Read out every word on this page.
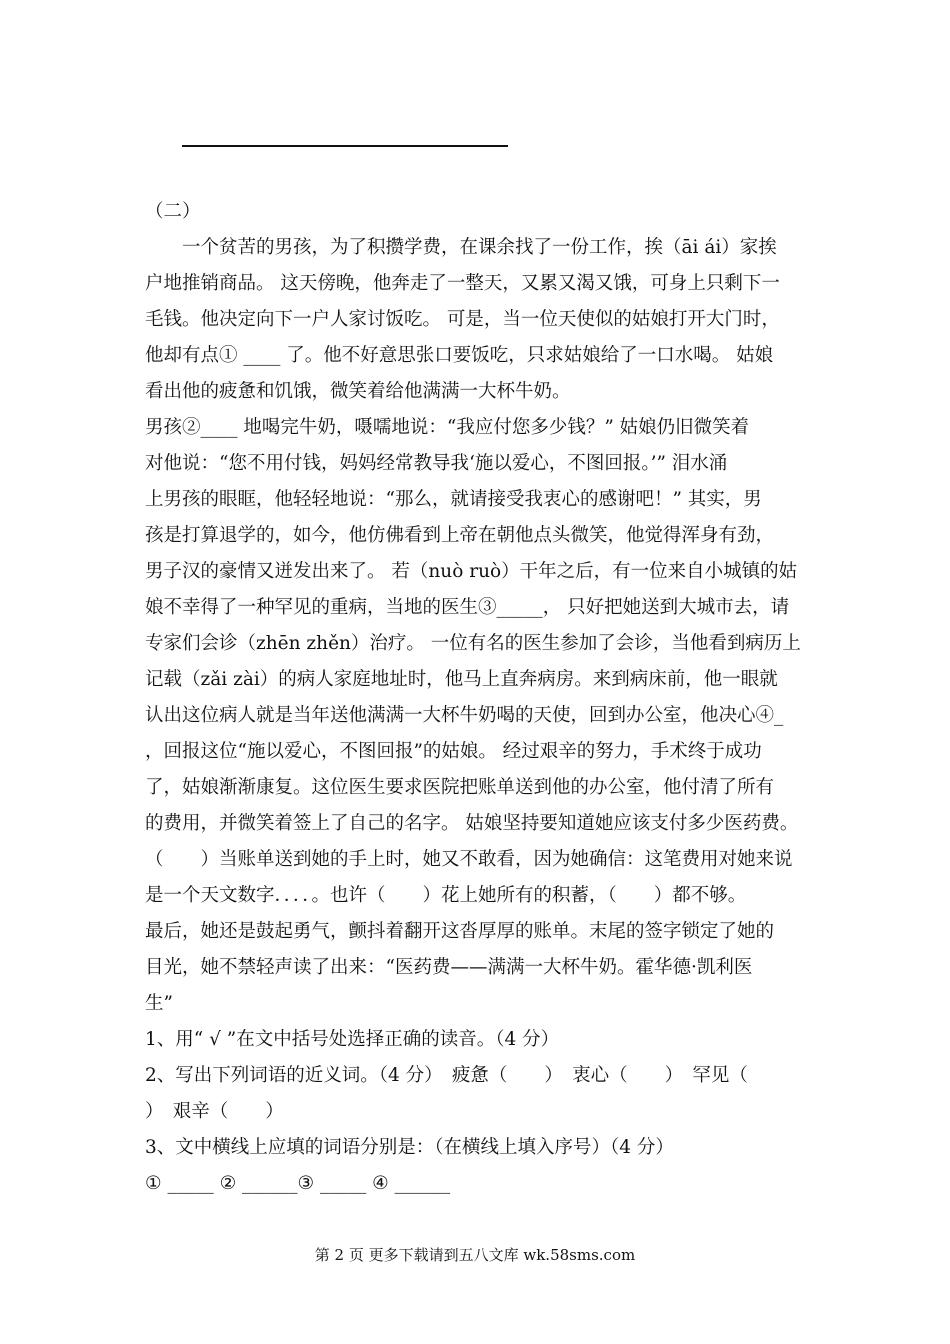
（二）
一个贫苦的男孩，为了积攒学费，在课余找了一份工作，挨（āi ái）家挨
户地推销商品。 这天傍晚，他奔走了一整天，又累又渴又饿，可身上只剩下一
毛钱。他决定向下一户人家讨饭吃。 可是，当一位天使似的姑娘打开大门时，
他却有点① ____ 了。他不好意思张口要饭吃，只求姑娘给了一口水喝。 姑娘
看出他的疲惫和饥饿，微笑着给他满满一大杯牛奶。
男孩②____ 地喝完牛奶，嗫嚅地说：“我应付您多少钱？” 姑娘仍旧微笑着
对他说：“您不用付钱，妈妈经常教导我‘施以爱心，不图回报。’” 泪水涌
上男孩的眼眶，他轻轻地说：“那么，就请接受我衷心的感谢吧！” 其实，男
孩是打算退学的，如今，他仿佛看到上帝在朝他点头微笑，他觉得浑身有劲，
男子汉的豪情又迸发出来了。 若（nuò ruò）干年之后，有一位来自小城镇的姑
娘不幸得了一种罕见的重病，当地的医生③_____， 只好把她送到大城市去，请
专家们会诊（zhēn zhěn）治疗。 一位有名的医生参加了会诊，当他看到病历上
记载（zǎi zài）的病人家庭地址时，他马上直奔病房。来到病床前，他一眼就
认出这位病人就是当年送他满满一大杯牛奶喝的天使，回到办公室，他决心④_
，回报这位“施以爱心，不图回报”的姑娘。 经过艰辛的努力，手术终于成功
了，姑娘渐渐康复。这位医生要求医院把账单送到他的办公室，他付清了所有
的费用，并微笑着签上了自己的名字。 姑娘坚持要知道她应该支付多少医药费。
（　　）当账单送到她的手上时，她又不敢看，因为她确信：这笔费用对她来说
是一个天文数字．．．．。也许（　　）花上她所有的积蓄，（　　）都不够。
最后，她还是鼓起勇气，颤抖着翻开这沓厚厚的账单。末尾的签字锁定了她的
目光，她不禁轻声读了出来：“医药费——满满一大杯牛奶。霍华德·凯利医
生”
1、用“ √ ”在文中括号处选择正确的读音。（4 分）
2、写出下列词语的近义词。（4 分）　疲惫（　　）　衷心（　　）　罕见（
）　艰辛（　　）
3、文中横线上应填的词语分别是：（在横线上填入序号）（4 分）
① _____ ② ______③ _____ ④ ______
第 2 页 更多下载请到五八文库 wk.58sms.com
